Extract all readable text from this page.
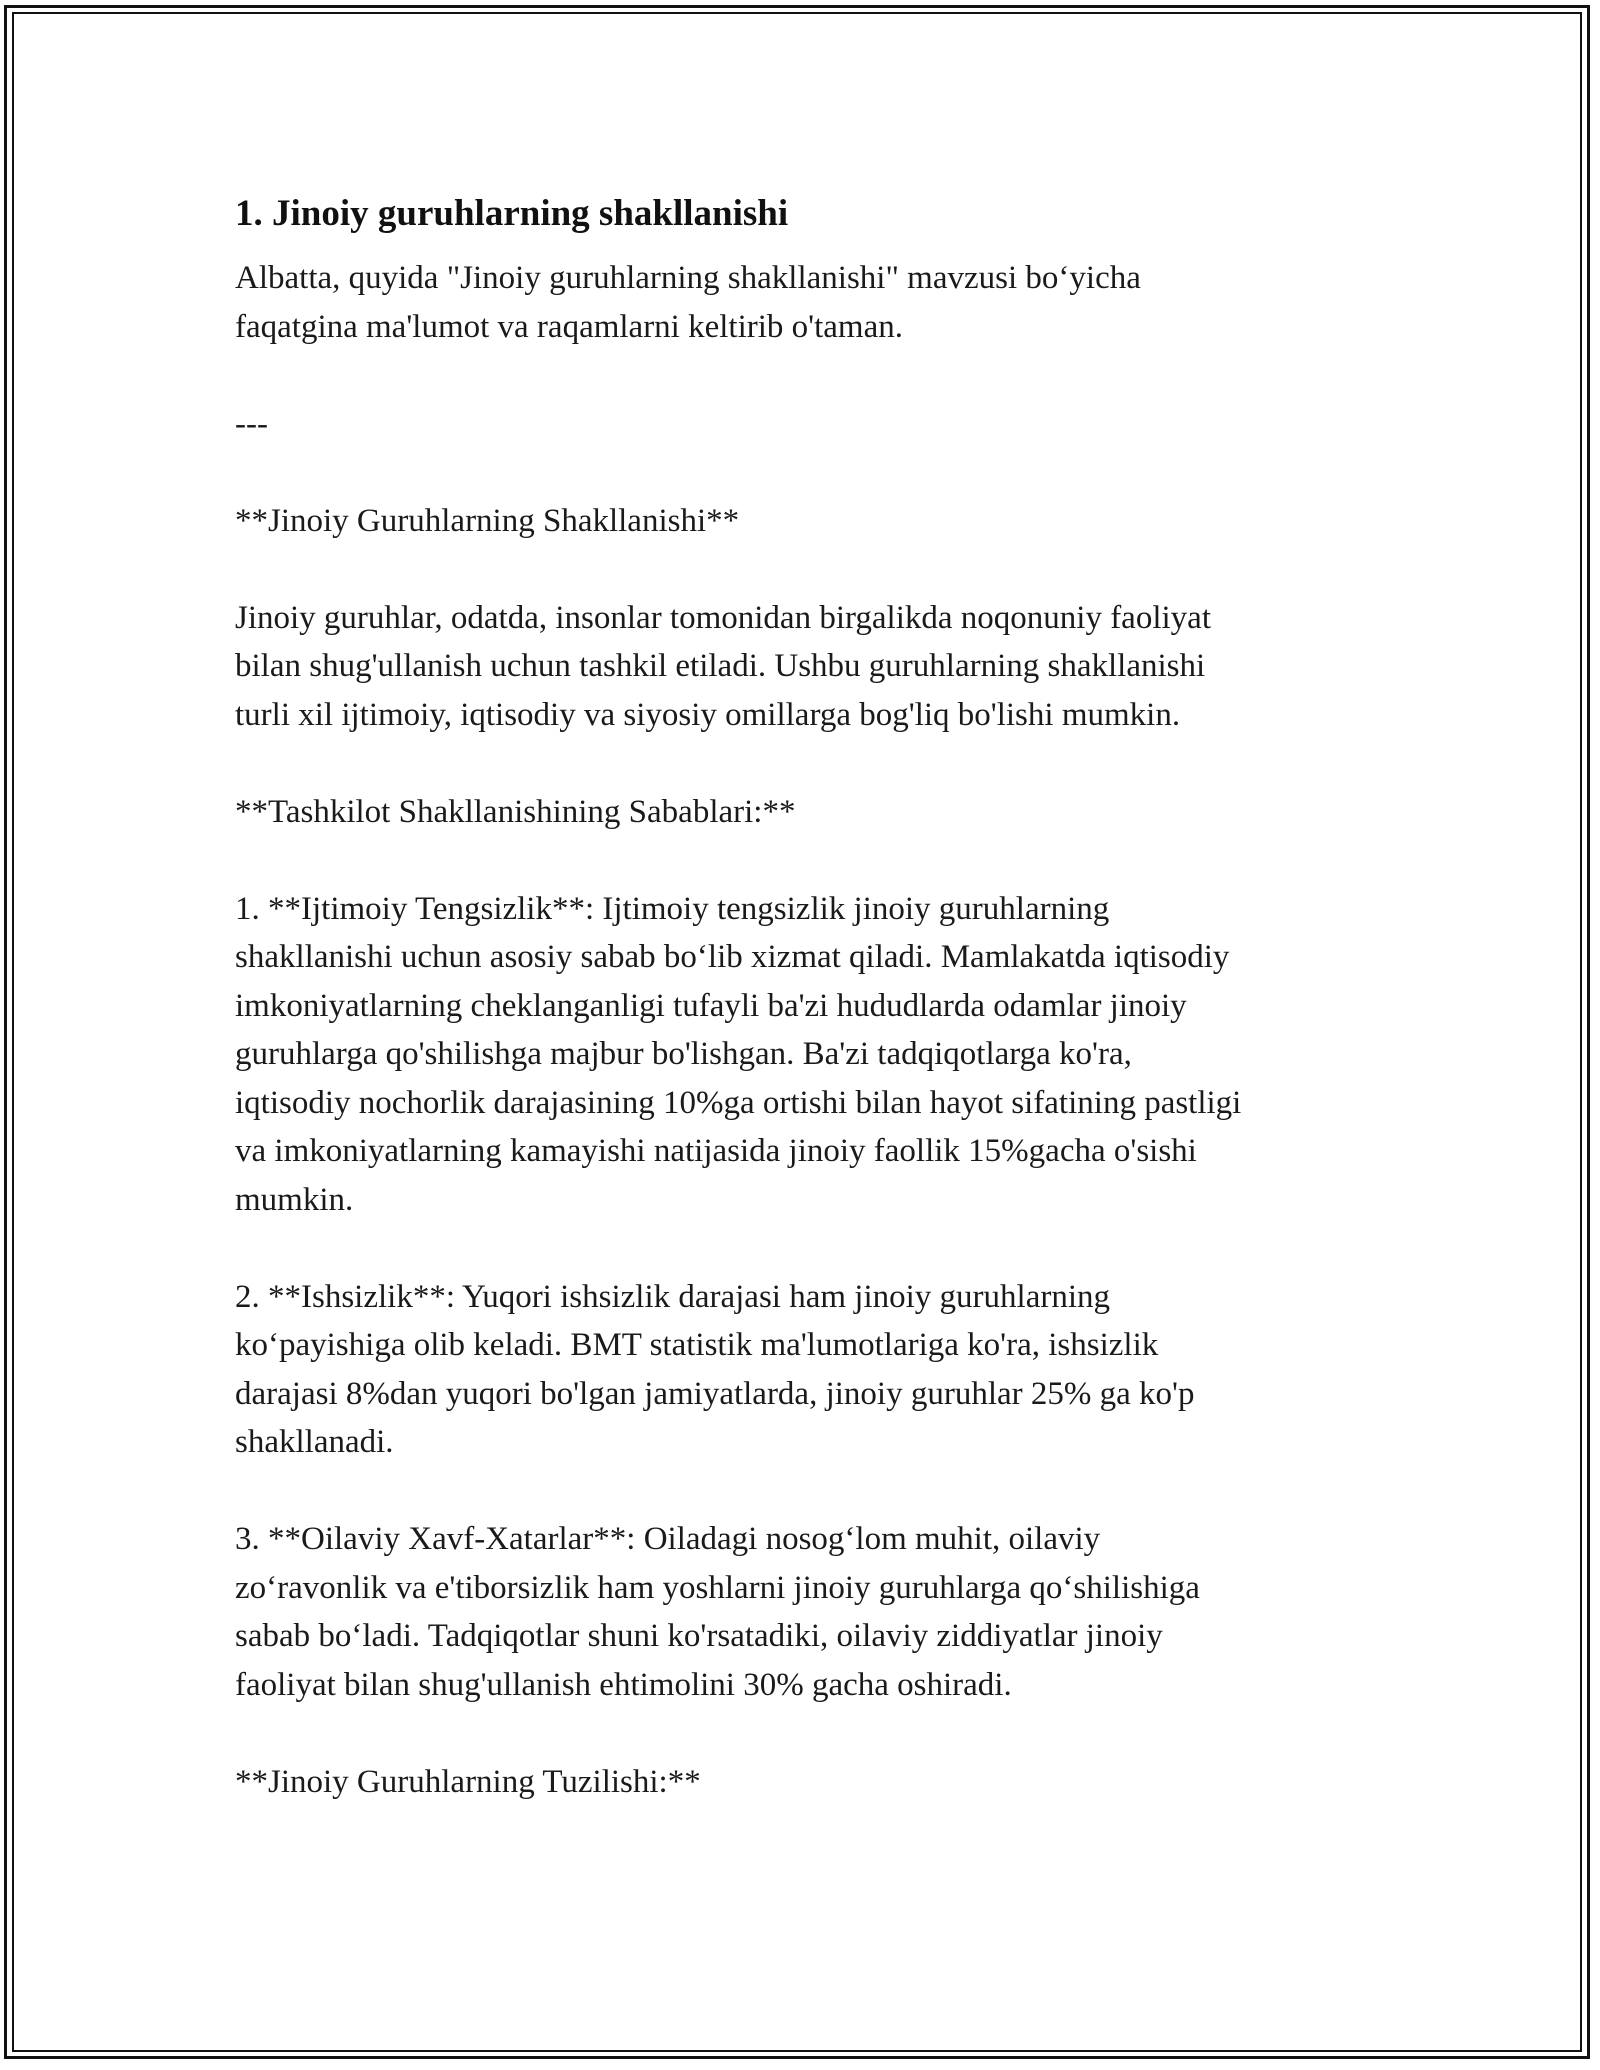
1. Jinoiy guruhlarning shakllanishi

Albatta, quyida "Jinoiy guruhlarning shakllanishi" mavzusi bo‘yicha
faqatgina ma'lumot va raqamlarni keltirib o'taman.

---

**Jinoiy Guruhlarning Shakllanishi**

Jinoiy guruhlar, odatda, insonlar tomonidan birgalikda noqonuniy faoliyat
bilan shug'ullanish uchun tashkil etiladi. Ushbu guruhlarning shakllanishi
turli xil ijtimoiy, iqtisodiy va siyosiy omillarga bog'liq bo'lishi mumkin.

**Tashkilot Shakllanishining Sabablari:**

1. **Ijtimoiy Tengsizlik**: Ijtimoiy tengsizlik jinoiy guruhlarning
shakllanishi uchun asosiy sabab bo‘lib xizmat qiladi. Mamlakatda iqtisodiy
imkoniyatlarning cheklanganligi tufayli ba'zi hududlarda odamlar jinoiy
guruhlarga qo'shilishga majbur bo'lishgan. Ba'zi tadqiqotlarga ko'ra,
iqtisodiy nochorlik darajasining 10%ga ortishi bilan hayot sifatining pastligi
va imkoniyatlarning kamayishi natijasida jinoiy faollik 15%gacha o'sishi
mumkin.

2. **Ishsizlik**: Yuqori ishsizlik darajasi ham jinoiy guruhlarning
ko‘payishiga olib keladi. BMT statistik ma'lumotlariga ko'ra, ishsizlik
darajasi 8%dan yuqori bo'lgan jamiyatlarda, jinoiy guruhlar 25% ga ko'p
shakllanadi.

3. **Oilaviy Xavf-Xatarlar**: Oiladagi nosog‘lom muhit, oilaviy
zo‘ravonlik va e'tiborsizlik ham yoshlarni jinoiy guruhlarga qo‘shilishiga
sabab bo‘ladi. Tadqiqotlar shuni ko'rsatadiki, oilaviy ziddiyatlar jinoiy
faoliyat bilan shug'ullanish ehtimolini 30% gacha oshiradi.

**Jinoiy Guruhlarning Tuzilishi:**
